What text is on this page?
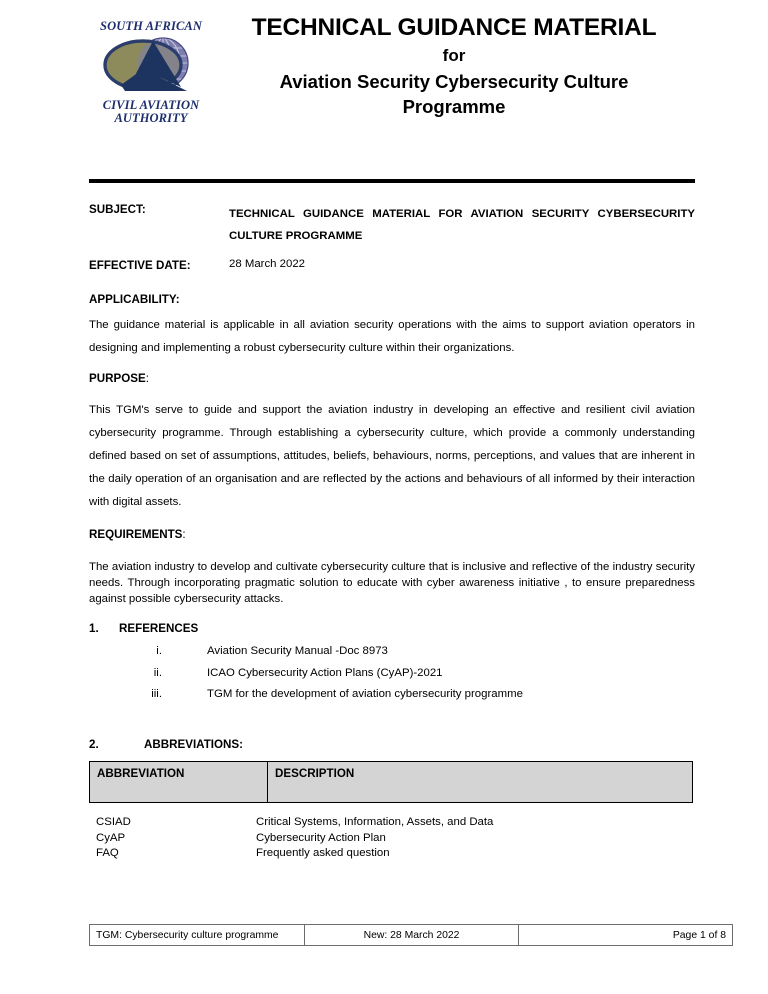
SOUTH AFRICAN
CIVIL AVIATION
AUTHORITY
TECHNICAL GUIDANCE MATERIAL
for
Aviation Security Cybersecurity Culture
Programme
SUBJECT:	TECHNICAL GUIDANCE MATERIAL FOR AVIATION SECURITY CYBERSECURITY CULTURE PROGRAMME
EFFECTIVE DATE:	28 March 2022
APPLICABILITY:

The guidance material is applicable in all aviation security operations with the aims to support aviation operators in designing and implementing a robust cybersecurity culture within their organizations.

PURPOSE:

This TGM's serve to guide and support the aviation industry in developing an effective and resilient civil aviation cybersecurity programme. Through establishing a cybersecurity culture, which provide a commonly understanding defined based on set of assumptions, attitudes, beliefs, behaviours, norms, perceptions, and values that are inherent in the daily operation of an organisation and are reflected by the actions and behaviours of all informed by their interaction with digital assets.

REQUIREMENTS:

The aviation industry to develop and cultivate cybersecurity culture that is inclusive and reflective of the industry security needs. Through incorporating pragmatic solution to educate with cyber awareness initiative , to ensure preparedness against possible cybersecurity attacks.

1. REFERENCES
i.	Aviation Security Manual -Doc 8973
ii.	ICAO Cybersecurity Action Plans (CyAP)-2021
iii.	TGM for the development of aviation cybersecurity programme
2.	ABBREVIATIONS:
ABBREVIATION	DESCRIPTION
CSIAD	Critical Systems, Information, Assets, and Data
CyAP	Cybersecurity Action Plan
FAQ	Frequently asked question
TGM: Cybersecurity culture programme	New: 28 March 2022	Page 1 of 8
